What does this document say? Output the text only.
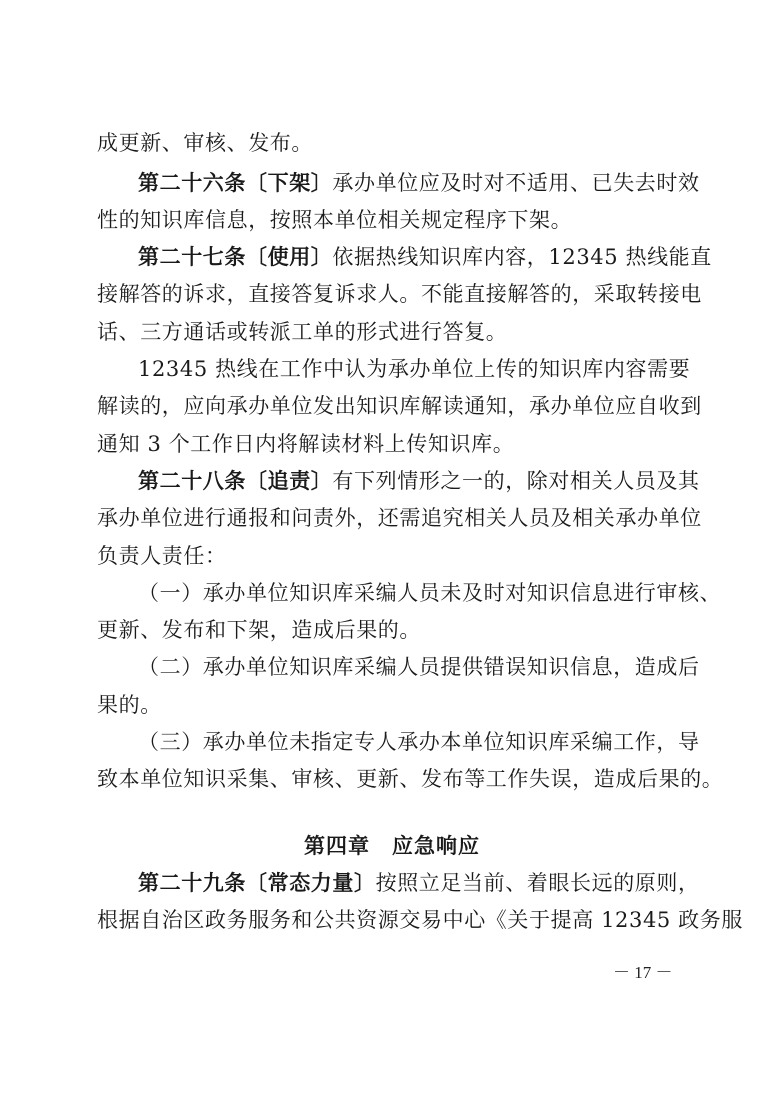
成更新、审核、发布。
第二十六条〔下架〕承办单位应及时对不适用、已失去时效
性的知识库信息，按照本单位相关规定程序下架。
第二十七条〔使用〕依据热线知识库内容，12345 热线能直
接解答的诉求，直接答复诉求人。不能直接解答的，采取转接电
话、三方通话或转派工单的形式进行答复。
12345 热线在工作中认为承办单位上传的知识库内容需要
解读的，应向承办单位发出知识库解读通知，承办单位应自收到
通知 3 个工作日内将解读材料上传知识库。
第二十八条〔追责〕有下列情形之一的，除对相关人员及其
承办单位进行通报和问责外，还需追究相关人员及相关承办单位
负责人责任：
（一）承办单位知识库采编人员未及时对知识信息进行审核、
更新、发布和下架，造成后果的。
（二）承办单位知识库采编人员提供错误知识信息，造成后
果的。
（三）承办单位未指定专人承办本单位知识库采编工作，导
致本单位知识采集、审核、更新、发布等工作失误，造成后果的。
第四章　应急响应
第二十九条〔常态力量〕按照立足当前、着眼长远的原则，
根据自治区政务服务和公共资源交易中心《关于提高 12345 政务服
－ 17 －
